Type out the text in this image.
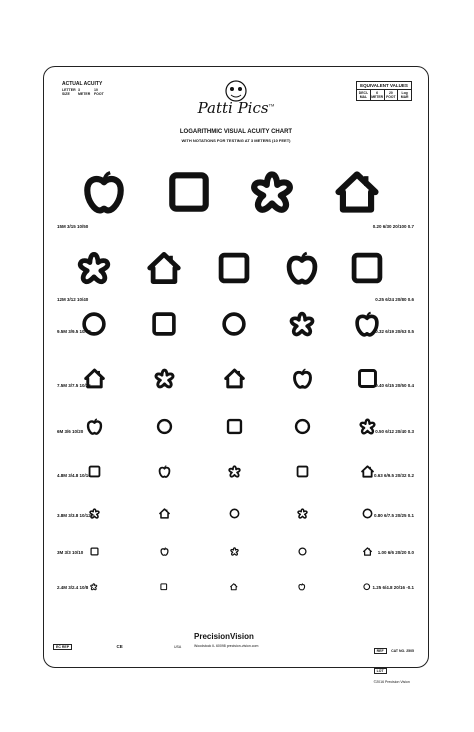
ACTUAL ACUITY
LETTER SIZE
3 METER
10 FOOT
Patti Pics™
LOGARITHMIC VISUAL ACUITY CHART
WITH NOTATIONS FOR TESTING AT 3 METERS (10 FEET)
EQUIVALENT VALUES
DECI-MAL
6 METER
20 FOOT
Log MAR
15M 3/15 10/50	0.20 6/30 20/100 0.7
12M 3/12 10/40	0.25 6/24 20/80 0.6
9.5M 3/9.5 10/32	0.32 6/19 20/63 0.5
7.5M 3/7.5 10/25	0.40 6/15 20/50 0.4
6M 3/6 10/20	0.50 6/12 20/40 0.3
4.8M 3/4.8 10/16	0.63 6/9.5 20/32 0.2
3.8M 3/3.8 10/12.5	0.80 6/7.5 20/25 0.1
3M 3/3 10/10	1.00 6/6 20/20 0.0
2.4M 3/2.4 10/8	1.25 6/4.8 20/16 -0.1
EC REP	CE	USA
PrecisionVision
Woodstock IL 60098 precision-vision.com
REF CAT NO. 2505
LOT
©2016 Precision Vision
